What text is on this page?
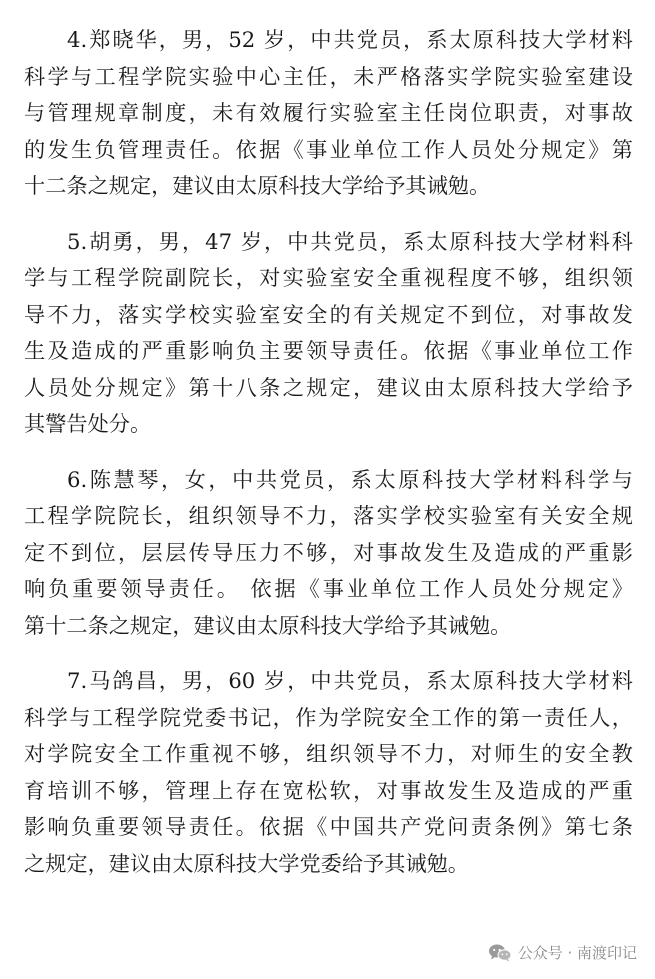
4.郑晓华，男，52 岁，中共党员，系太原科技大学材料
科学与工程学院实验中心主任，未严格落实学院实验室建设
与管理规章制度，未有效履行实验室主任岗位职责，对事故
的发生负管理责任。依据《事业单位工作人员处分规定》第
十二条之规定，建议由太原科技大学给予其诫勉。
5.胡勇，男，47 岁，中共党员，系太原科技大学材料科
学与工程学院副院长，对实验室安全重视程度不够，组织领
导不力，落实学校实验室安全的有关规定不到位，对事故发
生及造成的严重影响负主要领导责任。依据《事业单位工作
人员处分规定》第十八条之规定，建议由太原科技大学给予
其警告处分。
6.陈慧琴，女，中共党员，系太原科技大学材料科学与
工程学院院长，组织领导不力，落实学校实验室有关安全规
定不到位，层层传导压力不够，对事故发生及造成的严重影
响负重要领导责任。 依据《事业单位工作人员处分规定》
第十二条之规定，建议由太原科技大学给予其诫勉。
7.马鸽昌，男，60 岁，中共党员，系太原科技大学材料
科学与工程学院党委书记，作为学院安全工作的第一责任人，
对学院安全工作重视不够，组织领导不力，对师生的安全教
育培训不够，管理上存在宽松软，对事故发生及造成的严重
影响负重要领导责任。依据《中国共产党问责条例》第七条
之规定，建议由太原科技大学党委给予其诫勉。
公众号 · 南渡印记
